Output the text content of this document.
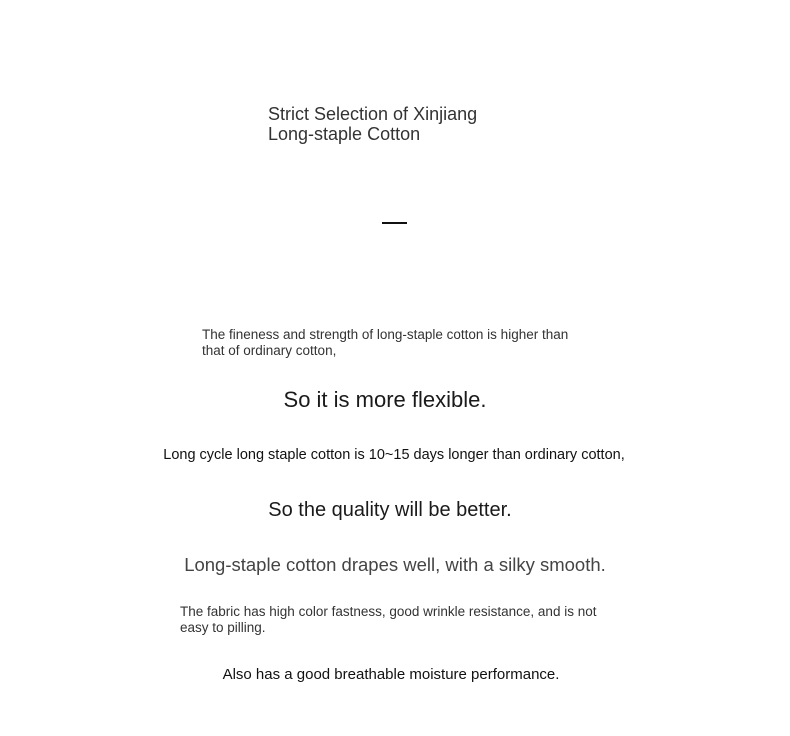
Strict Selection of Xinjiang Long-staple Cotton
The fineness and strength of long-staple cotton is higher than that of ordinary cotton,
So it is more flexible.
Long cycle long staple cotton is 10~15 days longer than ordinary cotton,
So the quality will be better.
Long-staple cotton drapes well, with a silky smooth.
The fabric has high color fastness, good wrinkle resistance, and is not easy to pilling.
Also has a good breathable moisture performance.
